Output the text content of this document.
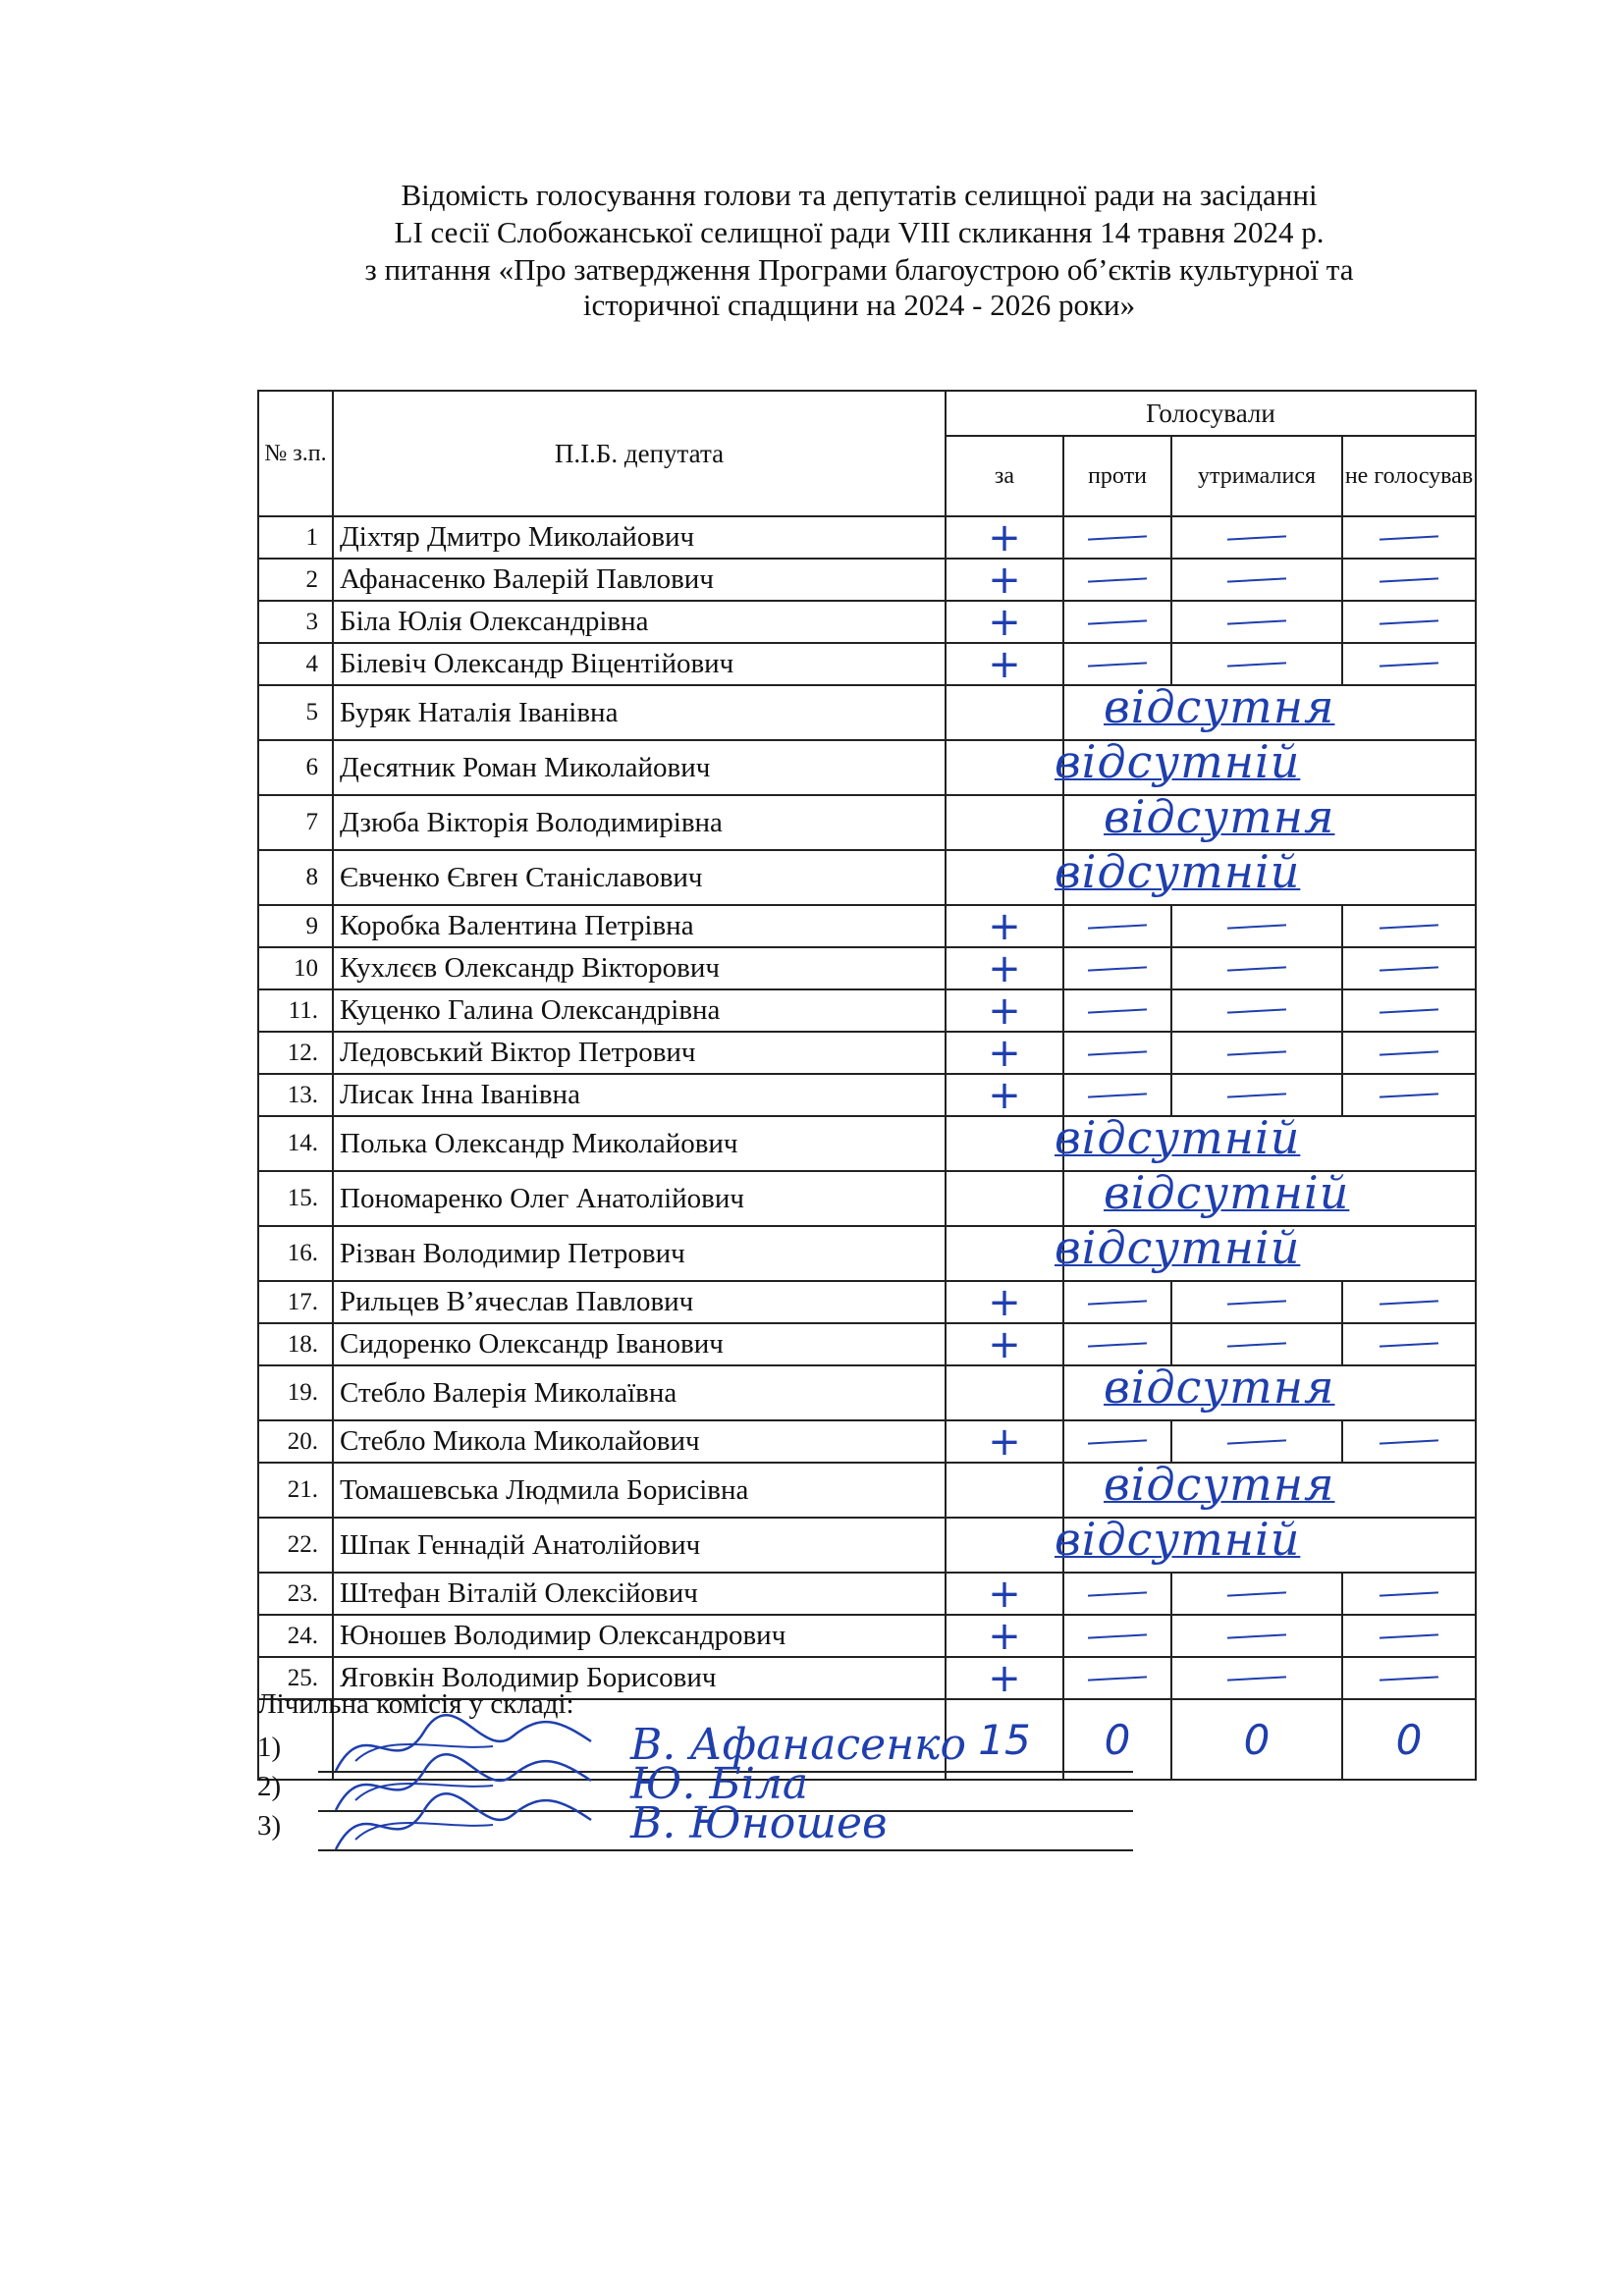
Відомість голосування голови та депутатів селищної ради на засіданні
LI сесії Слобожанської селищної ради VIII скликання 14 травня 2024 р.
з питання «Про затвердження Програми благоустрою об’єктів культурної та
історичної спадщини на 2024 - 2026 роки»
№ з.п.	П.І.Б. депутата	Голосували			
		за	проти	утрималися	не голосував
1	Діхтяр Дмитро Миколайович	+			
2	Афанасенко Валерій Павлович	+			
3	Біла Юлія Олександрівна	+			
4	Білевіч Олександр Віцентійович	+			
5	Буряк Наталія Іванівна		відсутня		
6	Десятник Роман Миколайович		відсутній		
7	Дзюба Вікторія Володимирівна		відсутня		
8	Євченко Євген Станіславович		відсутній		
9	Коробка Валентина Петрівна	+			
10	Кухлєєв Олександр Вікторович	+			
11.	Куценко Галина Олександрівна	+			
12.	Ледовський Віктор Петрович	+			
13.	Лисак Інна Іванівна	+			
14.	Полька Олександр Миколайович		відсутній		
15.	Пономаренко Олег Анатолійович		відсутній		
16.	Різван Володимир Петрович		відсутній		
17.	Рильцев В’ячеслав Павлович	+			
18.	Сидоренко Олександр Іванович	+			
19.	Стебло Валерія Миколаївна		відсутня		
20.	Стебло Микола Миколайович	+			
21.	Томашевська Людмила Борисівна		відсутня		
22.	Шпак Геннадій Анатолійович		відсутній		
23.	Штефан Віталій Олексійович	+			
24.	Юношев Володимир Олександрович	+			
25.	Яговкін Володимир Борисович	+			
		15	0	0	0
Лічильна комісія у складі:
1)	В. Афанасенко
2)	Ю. Біла
3)	В. Юношев
